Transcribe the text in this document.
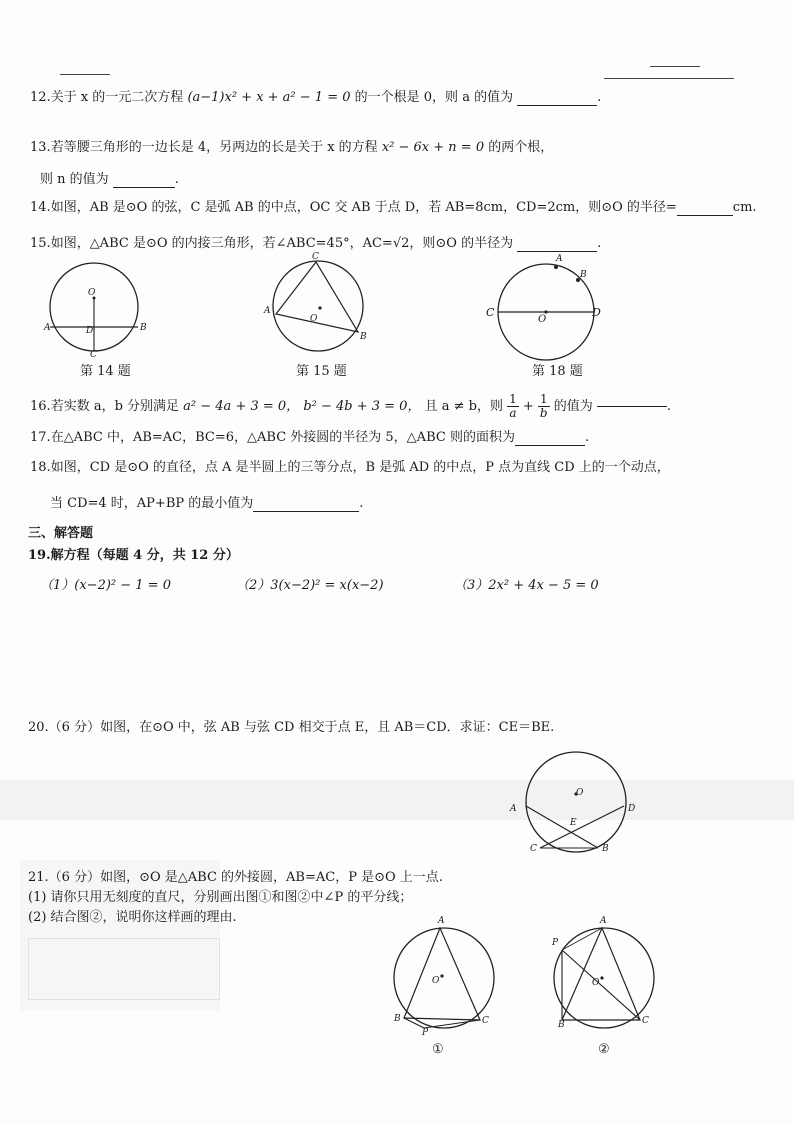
12.关于 x 的一元二次方程 (a−1)x² + x + a² − 1 = 0 的一个根是 0，则 a 的值为	.
13.若等腰三角形的一边长是 4，另两边的长是关于 x 的方程 x² − 6x + n = 0 的两个根，
则 n 的值为	.
14.如图，AB 是⊙O 的弦，C 是弧 AB 的中点，OC 交 AB 于点 D，若 AB=8cm，CD=2cm，则⊙O 的半径=	cm.
15.如图，△ABC 是⊙O 的内接三角形，若∠ABC=45°，AC=√2，则⊙O 的半径为	.
O
A	D	B
C
第 14 题
C
A
O
B
第 15 题
A
B
C
O
D
第 18 题
16.若实数 a，b 分别满足 a² − 4a + 3 = 0， b² − 4b + 3 = 0， 且 a ≠ b，则 $\frac{1}{a} + \frac{1}{b}$ 的值为	.
17.在△ABC 中，AB=AC，BC=6，△ABC 外接圆的半径为 5，△ABC 则的面积为	.
18.如图，CD 是⊙O 的直径，点 A 是半圆上的三等分点，B 是弧 AD 的中点，P 点为直线 CD 上的一个动点，
当 CD=4 时，AP+BP 的最小值为	.
三、解答题
19.解方程（每题 4 分，共 12 分）
（1）(x−2)² − 1 = 0	（2）3(x−2)² = x(x−2)	（3）2x² + 4x − 5 = 0
20.（6 分）如图，在⊙O 中，弦 AB 与弦 CD 相交于点 E，且 AB＝CD．求证：CE＝BE.
O
A	D
E
C	B
21.（6 分）如图，⊙O 是△ABC 的外接圆，AB=AC，P 是⊙O 上一点.
(1) 请你只用无刻度的直尺，分别画出图①和图②中∠P 的平分线；
(2) 结合图②，说明你这样画的理由.	A
O
B	C
P
①
A
P
O
B	C
②
